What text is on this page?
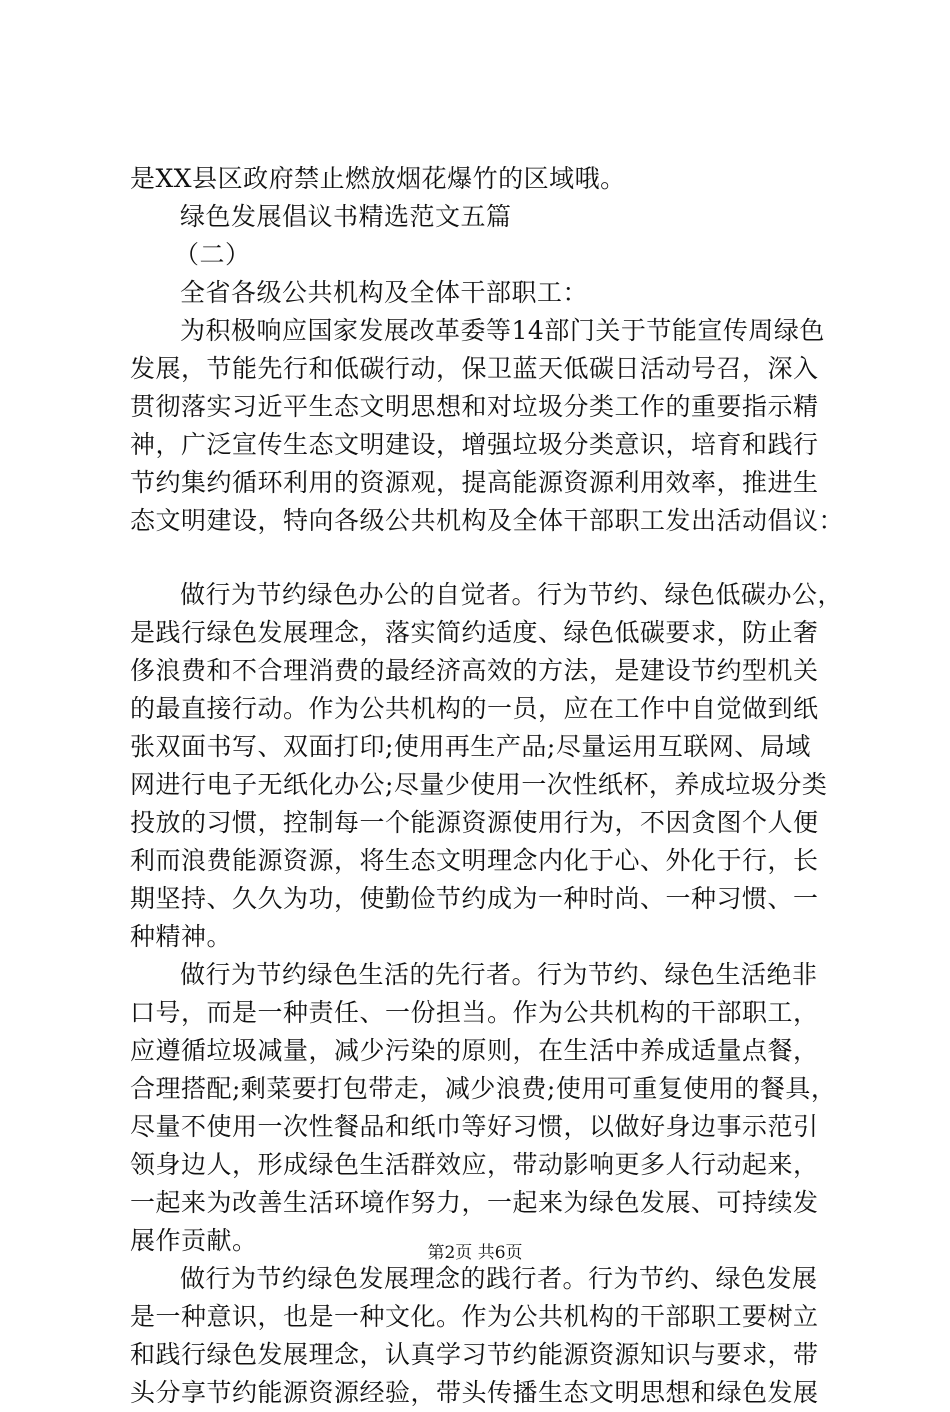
是XX县区政府禁止燃放烟花爆竹的区域哦。
绿色发展倡议书精选范文五篇
（二）
全省各级公共机构及全体干部职工：
为积极响应国家发展改革委等14部门关于节能宣传周绿色
发展，节能先行和低碳行动，保卫蓝天低碳日活动号召，深入
贯彻落实习近平生态文明思想和对垃圾分类工作的重要指示精
神，广泛宣传生态文明建设，增强垃圾分类意识，培育和践行
节约集约循环利用的资源观，提高能源资源利用效率，推进生
态文明建设，特向各级公共机构及全体干部职工发出活动倡议：
做行为节约绿色办公的自觉者。行为节约、绿色低碳办公，
是践行绿色发展理念，落实简约适度、绿色低碳要求，防止奢
侈浪费和不合理消费的最经济高效的方法，是建设节约型机关
的最直接行动。作为公共机构的一员，应在工作中自觉做到纸
张双面书写、双面打印;使用再生产品;尽量运用互联网、局域
网进行电子无纸化办公;尽量少使用一次性纸杯，养成垃圾分类
投放的习惯，控制每一个能源资源使用行为，不因贪图个人便
利而浪费能源资源，将生态文明理念内化于心、外化于行，长
期坚持、久久为功，使勤俭节约成为一种时尚、一种习惯、一
种精神。
做行为节约绿色生活的先行者。行为节约、绿色生活绝非
口号，而是一种责任、一份担当。作为公共机构的干部职工，
应遵循垃圾减量，减少污染的原则，在生活中养成适量点餐，
合理搭配;剩菜要打包带走，减少浪费;使用可重复使用的餐具，
尽量不使用一次性餐品和纸巾等好习惯，以做好身边事示范引
领身边人，形成绿色生活群效应，带动影响更多人行动起来，
一起来为改善生活环境作努力，一起来为绿色发展、可持续发
展作贡献。
做行为节约绿色发展理念的践行者。行为节约、绿色发展
是一种意识，也是一种文化。作为公共机构的干部职工要树立
和践行绿色发展理念，认真学习节约能源资源知识与要求，带
头分享节约能源资源经验，带头传播生态文明思想和绿色发展
第2页 共6页
